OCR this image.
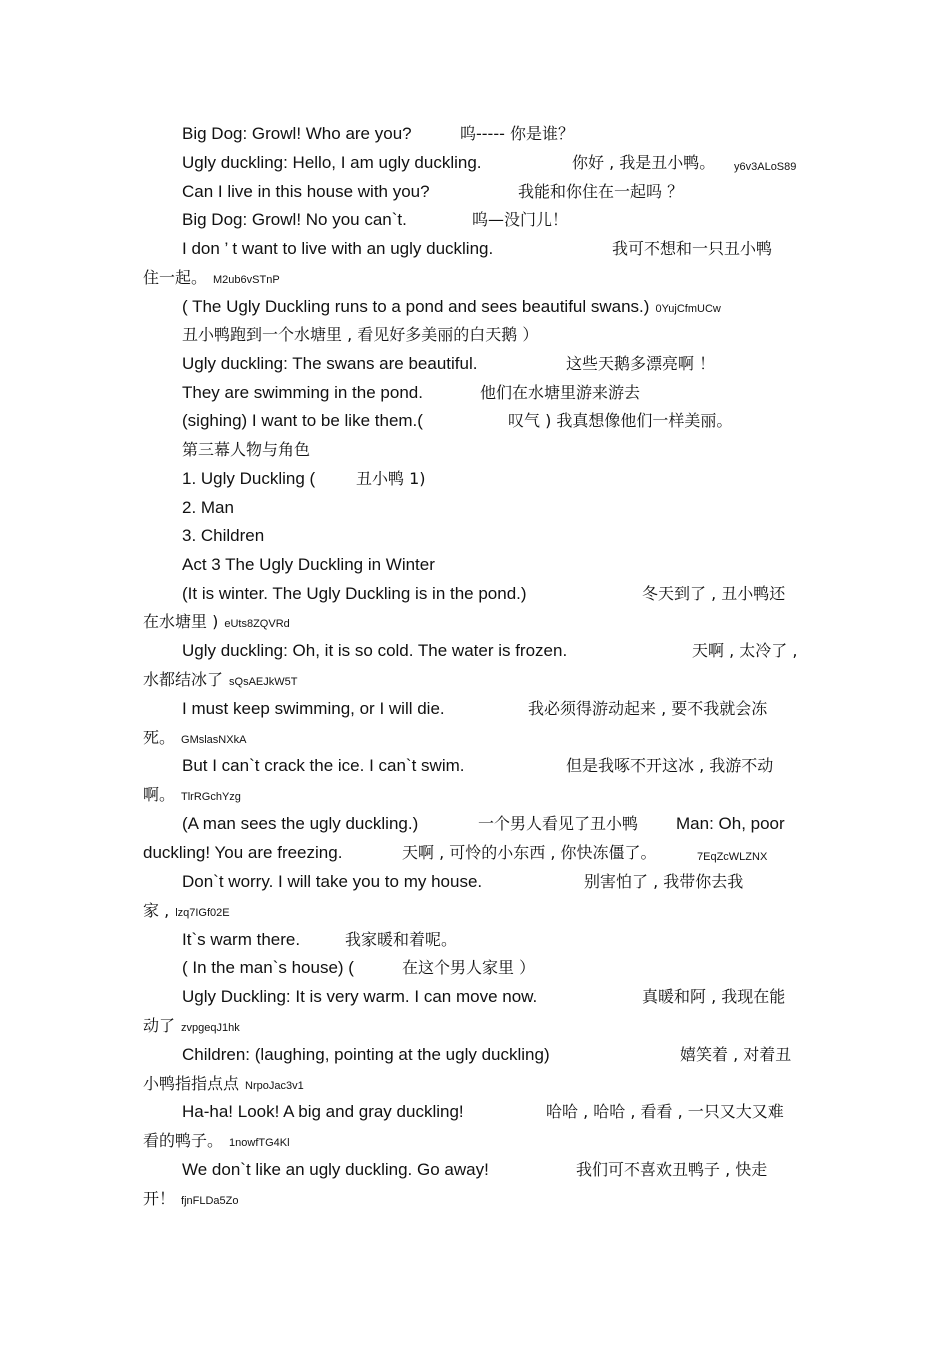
Big Dog: Growl! Who are you?	呜----- 你是谁？
Ugly duckling: Hello, I am ugly duckling.	你好 , 我是丑小鸭。 y6v3ALoS89
Can I live in this house with you?	我能和你住在一起吗 ？
Big Dog: Growl! No you can`t.	呜—没门儿！
I don ’ t want to live with an ugly duckling.	我可不想和一只丑小鸭
住一起。 M2ub6vSTnP
( The Ugly Duckling runs to a pond and sees beautiful swans.) 0YujCfmUCw
丑小鸭跑到一个水塘里 , 看见好多美丽的白天鹅 ）
Ugly duckling: The swans are beautiful.	这些天鹅多漂亮啊 ！
They are swimming in the pond.	他们在水塘里游来游去
(sighing) I want to be like them.(	叹气 ) 我真想像他们一样美丽。
第三幕人物与角色
1. Ugly Duckling (	丑小鸭 1)
2. Man
3. Children
Act 3 The Ugly Duckling in Winter
(It is winter. The Ugly Duckling is in the pond.)	冬天到了 , 丑小鸭还
在水塘里 ) eUts8ZQVRd
Ugly duckling: Oh, it is so cold. The water is frozen.	天啊 , 太冷了 ,
水都结冰了 sQsAEJkW5T
I must keep swimming, or I will die.	我必须得游动起来 , 要不我就会冻
死。 GMslasNXkA
But I can`t crack the ice. I can`t swim.	但是我啄不开这冰 , 我游不动
啊。 TlrRGchYzg
(A man sees the ugly duckling.)	一个男人看见了丑小鸭 Man: Oh, poor
duckling! You are freezing.	天啊 , 可怜的小东西 , 你快冻僵了。	7EqZcWLZNX
Don`t worry. I will take you to my house.	别害怕了 , 我带你去我
家 , lzq7IGf02E
It`s warm there.	我家暖和着呢。
( In the man`s house) (	在这个男人家里 ）
Ugly Duckling: It is very warm. I can move now.	真暖和阿 , 我现在能
动了 zvpgeqJ1hk
Children: (laughing, pointing at the ugly duckling)	嬉笑着 , 对着丑
小鸭指指点点 NrpoJac3v1
Ha-ha! Look! A big and gray duckling!	哈哈 , 哈哈 , 看看 , 一只又大又难
看的鸭子。 1nowfTG4Kl
We don`t like an ugly duckling. Go away!	我们可不喜欢丑鸭子 , 快走
开！ fjnFLDa5Zo
